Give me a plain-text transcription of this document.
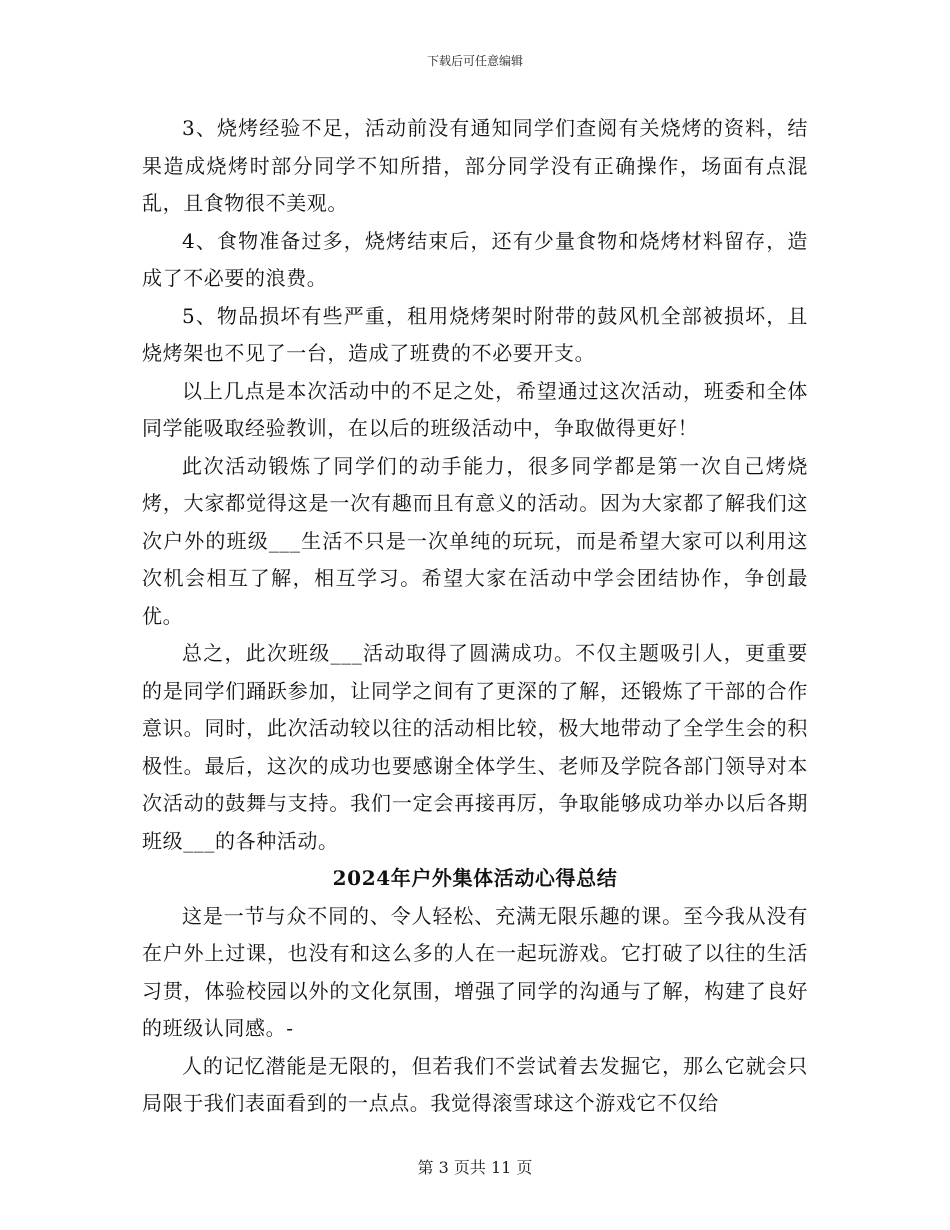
下载后可任意编辑

3、烧烤经验不足，活动前没有通知同学们查阅有关烧烤的资料，结果造成烧烤时部分同学不知所措，部分同学没有正确操作，场面有点混乱，且食物很不美观。

4、食物准备过多，烧烤结束后，还有少量食物和烧烤材料留存，造成了不必要的浪费。

5、物品损坏有些严重，租用烧烤架时附带的鼓风机全部被损坏，且烧烤架也不见了一台，造成了班费的不必要开支。

以上几点是本次活动中的不足之处，希望通过这次活动，班委和全体同学能吸取经验教训，在以后的班级活动中，争取做得更好！

此次活动锻炼了同学们的动手能力，很多同学都是第一次自己烤烧烤，大家都觉得这是一次有趣而且有意义的活动。因为大家都了解我们这次户外的班级___生活不只是一次单纯的玩玩，而是希望大家可以利用这次机会相互了解，相互学习。希望大家在活动中学会团结协作，争创最优。

总之，此次班级___活动取得了圆满成功。不仅主题吸引人，更重要的是同学们踊跃参加，让同学之间有了更深的了解，还锻炼了干部的合作意识。同时，此次活动较以往的活动相比较，极大地带动了全学生会的积极性。最后，这次的成功也要感谢全体学生、老师及学院各部门领导对本次活动的鼓舞与支持。我们一定会再接再厉，争取能够成功举办以后各期班级___的各种活动。

2024年户外集体活动心得总结

这是一节与众不同的、令人轻松、充满无限乐趣的课。至今我从没有在户外上过课，也没有和这么多的人在一起玩游戏。它打破了以往的生活习贯，体验校园以外的文化氛围，增强了同学的沟通与了解，构建了良好的班级认同感。-

人的记忆潜能是无限的，但若我们不尝试着去发掘它，那么它就会只局限于我们表面看到的一点点。我觉得滚雪球这个游戏它不仅给

第 3 页共 11 页
